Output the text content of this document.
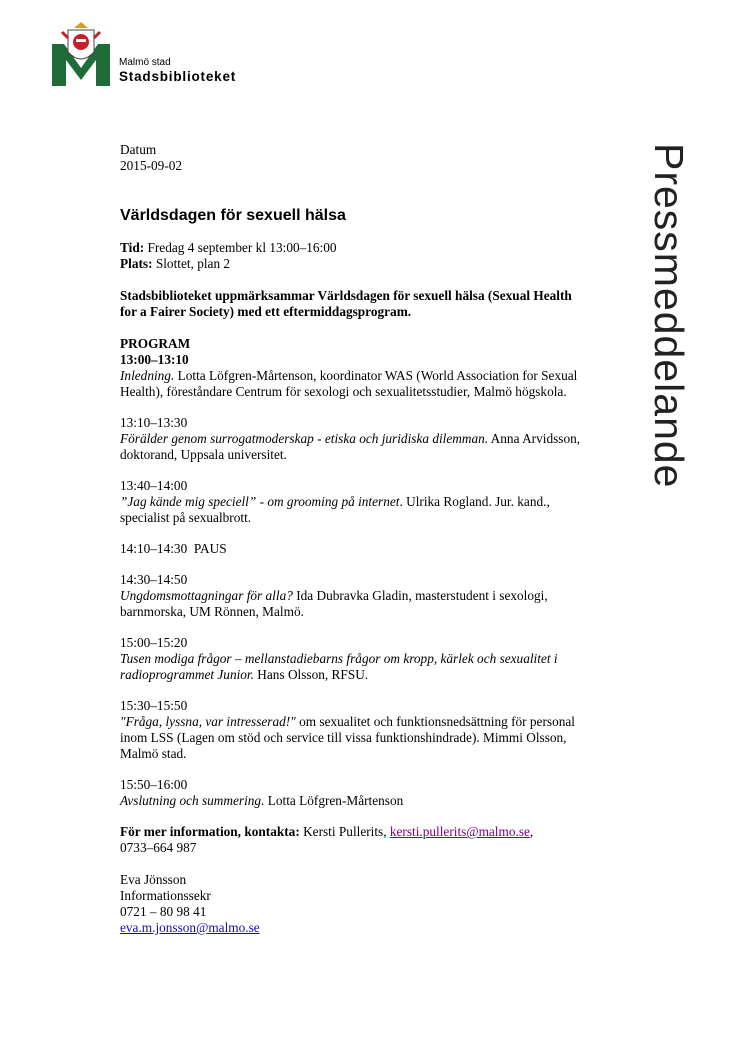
Malmö stad
Stadsbiblioteket
Pressmeddelande

Datum

2015-09-02

Världsdagen för sexuell hälsa

Tid: Fredag 4 september kl 13:00–16:00

Plats: Slottet, plan 2

Stadsbiblioteket uppmärksammar Världsdagen för sexuell hälsa (Sexual Health for a Fairer Society) med ett eftermiddagsprogram.

PROGRAM

13:00–13:10
Inledning. Lotta Löfgren-Mårtenson, koordinator WAS (World Association for Sexual Health), föreståndare Centrum för sexologi och sexualitetsstudier, Malmö högskola.
13:10–13:30
Förälder genom surrogatmoderskap - etiska och juridiska dilemman. Anna Arvidsson, doktorand, Uppsala universitet.
13:40–14:00
”Jag kände mig speciell” - om grooming på internet. Ulrika Rogland. Jur. kand., specialist på sexualbrott.
14:10–14:30  PAUS
14:30–14:50
Ungdomsmottagningar för alla? Ida Dubravka Gladin, masterstudent i sexologi, barnmorska, UM Rönnen, Malmö.
15:00–15:20
Tusen modiga frågor – mellanstadiebarns frågor om kropp, kärlek och sexualitet i radioprogrammet Junior. Hans Olsson, RFSU.
15:30–15:50
"Fråga, lyssna, var intresserad!" om sexualitet och funktionsnedsättning för personal inom LSS (Lagen om stöd och service till vissa funktionshindrade). Mimmi Olsson, Malmö stad.
15:50–16:00
Avslutning och summering. Lotta Löfgren-Mårtenson

För mer information, kontakta: Kersti Pullerits, kersti.pullerits@malmo.se,

0733–664 987

Eva Jönsson

Informationssekr

0721 – 80 98 41

eva.m.jonsson@malmo.se
